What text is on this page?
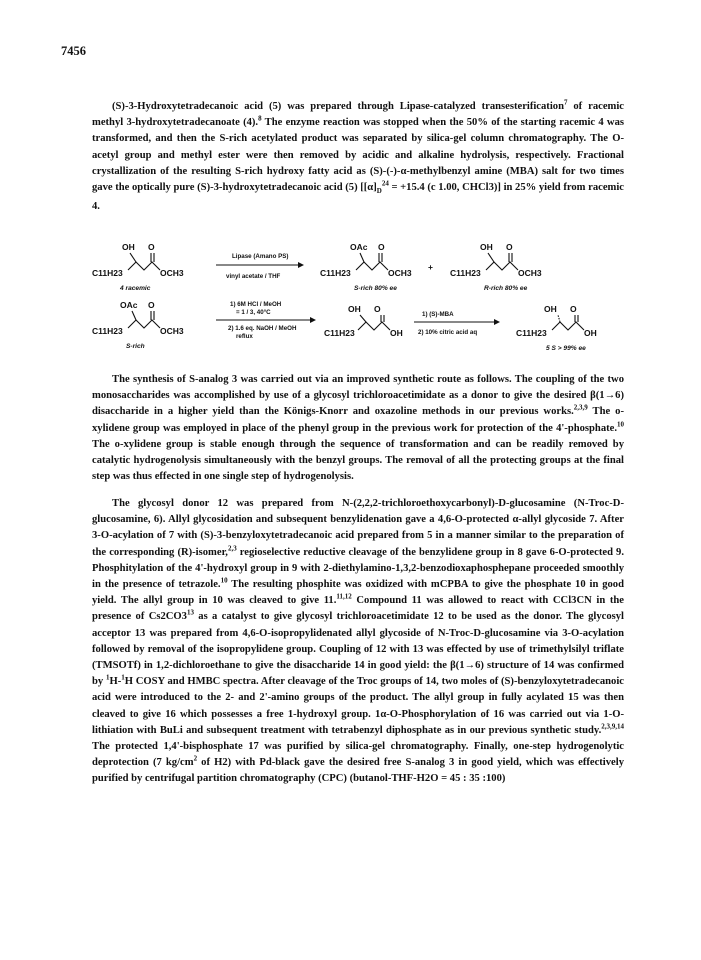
7456
(S)-3-Hydroxytetradecanoic acid (5) was prepared through Lipase-catalyzed transesterification$^7$ of racemic methyl 3-hydroxytetradecanoate (4).$^8$ The enzyme reaction was stopped when the 50% of the starting racemic 4 was transformed, and then the S-rich acetylated product was separated by silica-gel column chromatography. The O-acetyl group and methyl ester were then removed by acidic and alkaline hydrolysis, respectively. Fractional crystallization of the resulting S-rich hydroxy fatty acid as (S)-(-)-α-methylbenzyl amine (MBA) salt for two times gave the optically pure (S)-3-hydroxytetradecanoic acid (5) [$[\alpha]_D^{24} = +15.4$ (c 1.00, CHCl3)] in 25% yield from racemic 4.
OH O
C11H23	OCH3
4 racemic
Lipase (Amano PS)
vinyl acetate / THF
OAc O
C11H23	OCH3
S-rich 80% ee
+
OH O
C11H23	OCH3
R-rich 80% ee
OAc O
C11H23	OCH3
S-rich
1) 6M HCl / MeOH
= 1 / 3, 40°C
2) 1.6 eq. NaOH / MeOH
reflux
OH O
C11H23	OH
1) (S)-MBA
2) 10% citric acid aq
OH O
C11H23	OH
5 S > 99% ee
The synthesis of S-analog 3 was carried out via an improved synthetic route as follows. The coupling of the two monosaccharides was accomplished by use of a glycosyl trichloroacetimidate as a donor to give the desired β(1→6) disaccharide in a higher yield than the Königs-Knorr and oxazoline methods in our previous works.$^{2,3,9}$ The o-xylidene group was employed in place of the phenyl group in the previous work for protection of the 4'-phosphate.$^{10}$ The o-xylidene group is stable enough through the sequence of transformation and can be readily removed by catalytic hydrogenolysis simultaneously with the benzyl groups. The removal of all the protecting groups at the final step was thus effected in one single step of hydrogenolysis.
The glycosyl donor 12 was prepared from N-(2,2,2-trichloroethoxycarbonyl)-D-glucosamine (N-Troc-D-glucosamine, 6). Allyl glycosidation and subsequent benzylidenation gave a 4,6-O-protected α-allyl glycoside 7. After 3-O-acylation of 7 with (S)-3-benzyloxytetradecanoic acid prepared from 5 in a manner similar to the preparation of the corresponding (R)-isomer,$^{2,3}$ regioselective reductive cleavage of the benzylidene group in 8 gave 6-O-protected 9. Phosphitylation of the 4'-hydroxyl group in 9 with 2-diethylamino-1,3,2-benzodioxaphosphepane proceeded smoothly in the presence of tetrazole.$^{10}$ The resulting phosphite was oxidized with mCPBA to give the phosphate 10 in good yield. The allyl group in 10 was cleaved to give 11.$^{11,12}$ Compound 11 was allowed to react with CCl3CN in the presence of $Cs2CO3^{13}$ as a catalyst to give glycosyl trichloroacetimidate 12 to be used as the donor. The glycosyl acceptor 13 was prepared from 4,6-O-isopropylidenated allyl glycoside of N-Troc-D-glucosamine via 3-O-acylation followed by removal of the isopropylidene group. Coupling of 12 with 13 was effected by use of trimethylsilyl triflate (TMSOTf) in 1,2-dichloroethane to give the disaccharide 14 in good yield: the β(1→6) structure of 14 was confirmed by $^1$H-$^1$H COSY and HMBC spectra. After cleavage of the Troc groups of 14, two moles of (S)-benzyloxytetradecanoic acid were introduced to the 2- and 2'-amino groups of the product. The allyl group in fully acylated 15 was then cleaved to give 16 which possesses a free 1-hydroxyl group. 1α-O-Phosphorylation of 16 was carried out via 1-O-lithiation with BuLi and subsequent treatment with tetrabenzyl diphosphate as in our previous synthetic study.$^{2,3,9,14}$ The protected 1,4'-bisphosphate 17 was purified by silica-gel chromatography. Finally, one-step hydrogenolytic deprotection (7 $kg/cm^2$ of H2) with Pd-black gave the desired free S-analog 3 in good yield, which was effectively purified by centrifugal partition chromatography (CPC) (butanol-THF-H2O = 45 : 35 :100)
